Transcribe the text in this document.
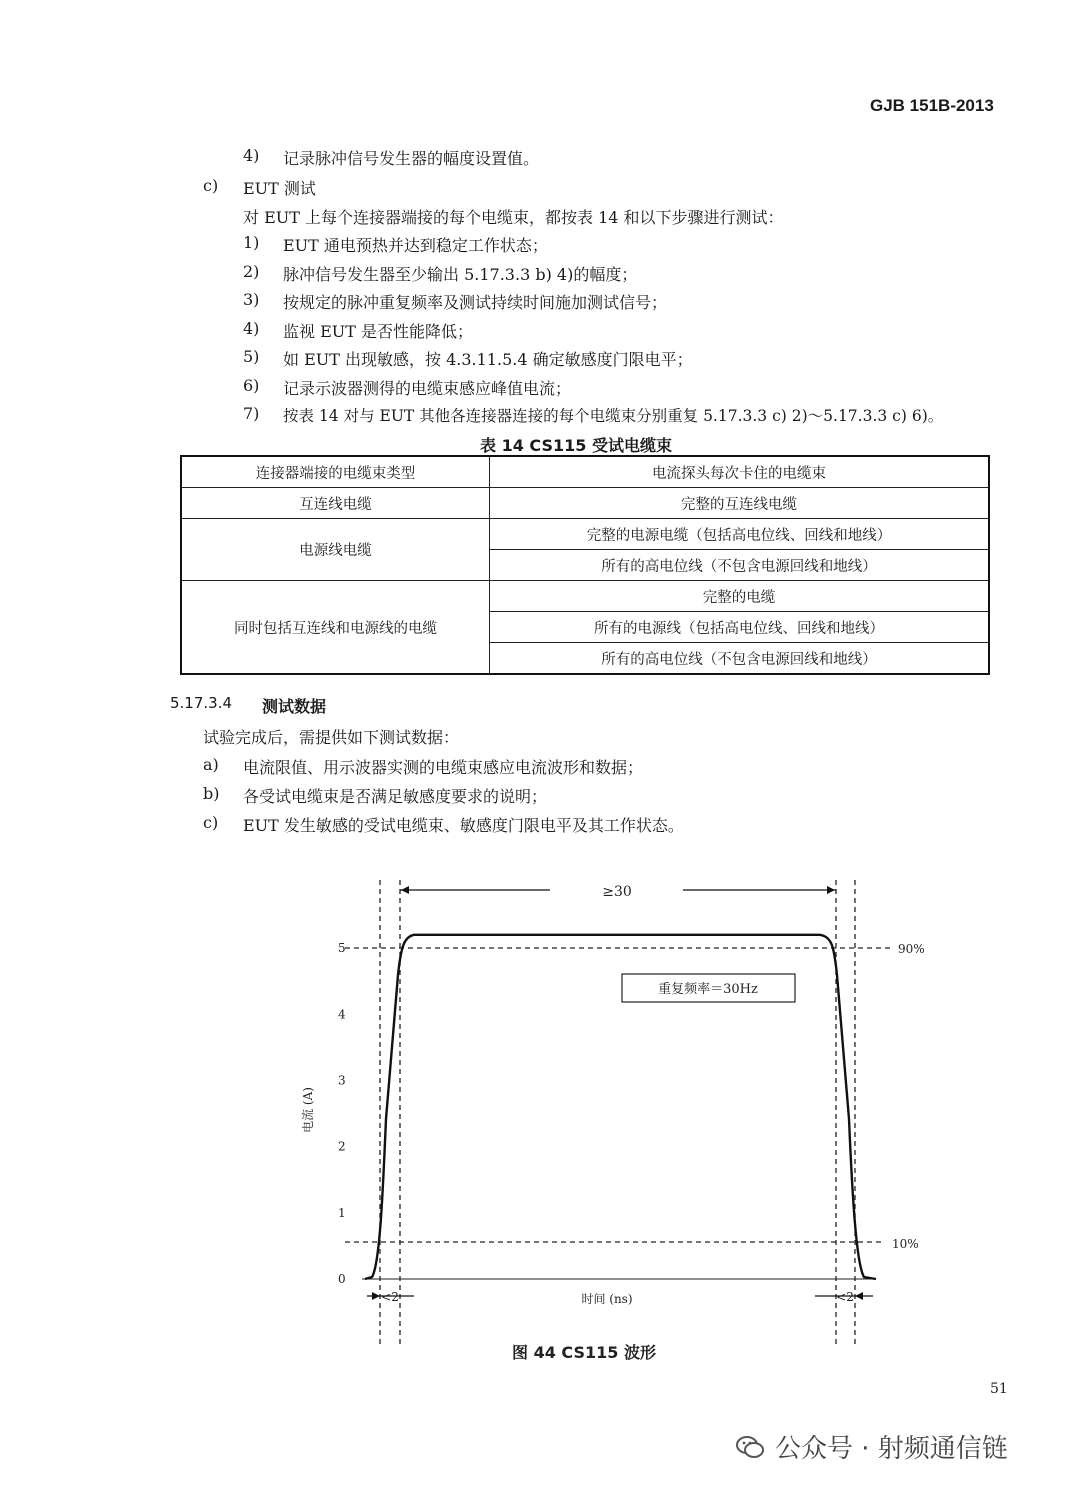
GJB 151B-2013
4) 记录脉冲信号发生器的幅度设置值。
c) EUT 测试
对 EUT 上每个连接器端接的每个电缆束，都按表 14 和以下步骤进行测试：
1) EUT 通电预热并达到稳定工作状态；
2) 脉冲信号发生器至少输出 5.17.3.3 b) 4)的幅度；
3) 按规定的脉冲重复频率及测试持续时间施加测试信号；
4) 监视 EUT 是否性能降低；
5) 如 EUT 出现敏感，按 4.3.11.5.4 确定敏感度门限电平；
6) 记录示波器测得的电缆束感应峰值电流；
7) 按表 14 对与 EUT 其他各连接器连接的每个电缆束分别重复 5.17.3.3 c) 2)～5.17.3.3 c) 6)。
表 14 CS115 受试电缆束
连接器端接的电缆束类型	电流探头每次卡住的电缆束
互连线电缆	完整的互连线电缆
电源线电缆	完整的电源电缆（包括高电位线、回线和地线）
	所有的高电位线（不包含电源回线和地线）
同时包括互连线和电源线的电缆	完整的电缆
	所有的电源线（包括高电位线、回线和地线）
	所有的高电位线（不包含电源回线和地线）
5.17.3.4 测试数据
试验完成后，需提供如下测试数据：
a) 电流限值、用示波器实测的电缆束感应电流波形和数据；
b) 各受试电缆束是否满足敏感度要求的说明；
c) EUT 发生敏感的受试电缆束、敏感度门限电平及其工作状态。
≥30
<2	<2
90%
10%
重复频率＝30Hz
0
1
2
3
4
5
电流 (A)
时间 (ns)
图 44 CS115 波形
51
公众号 · 射频通信链
